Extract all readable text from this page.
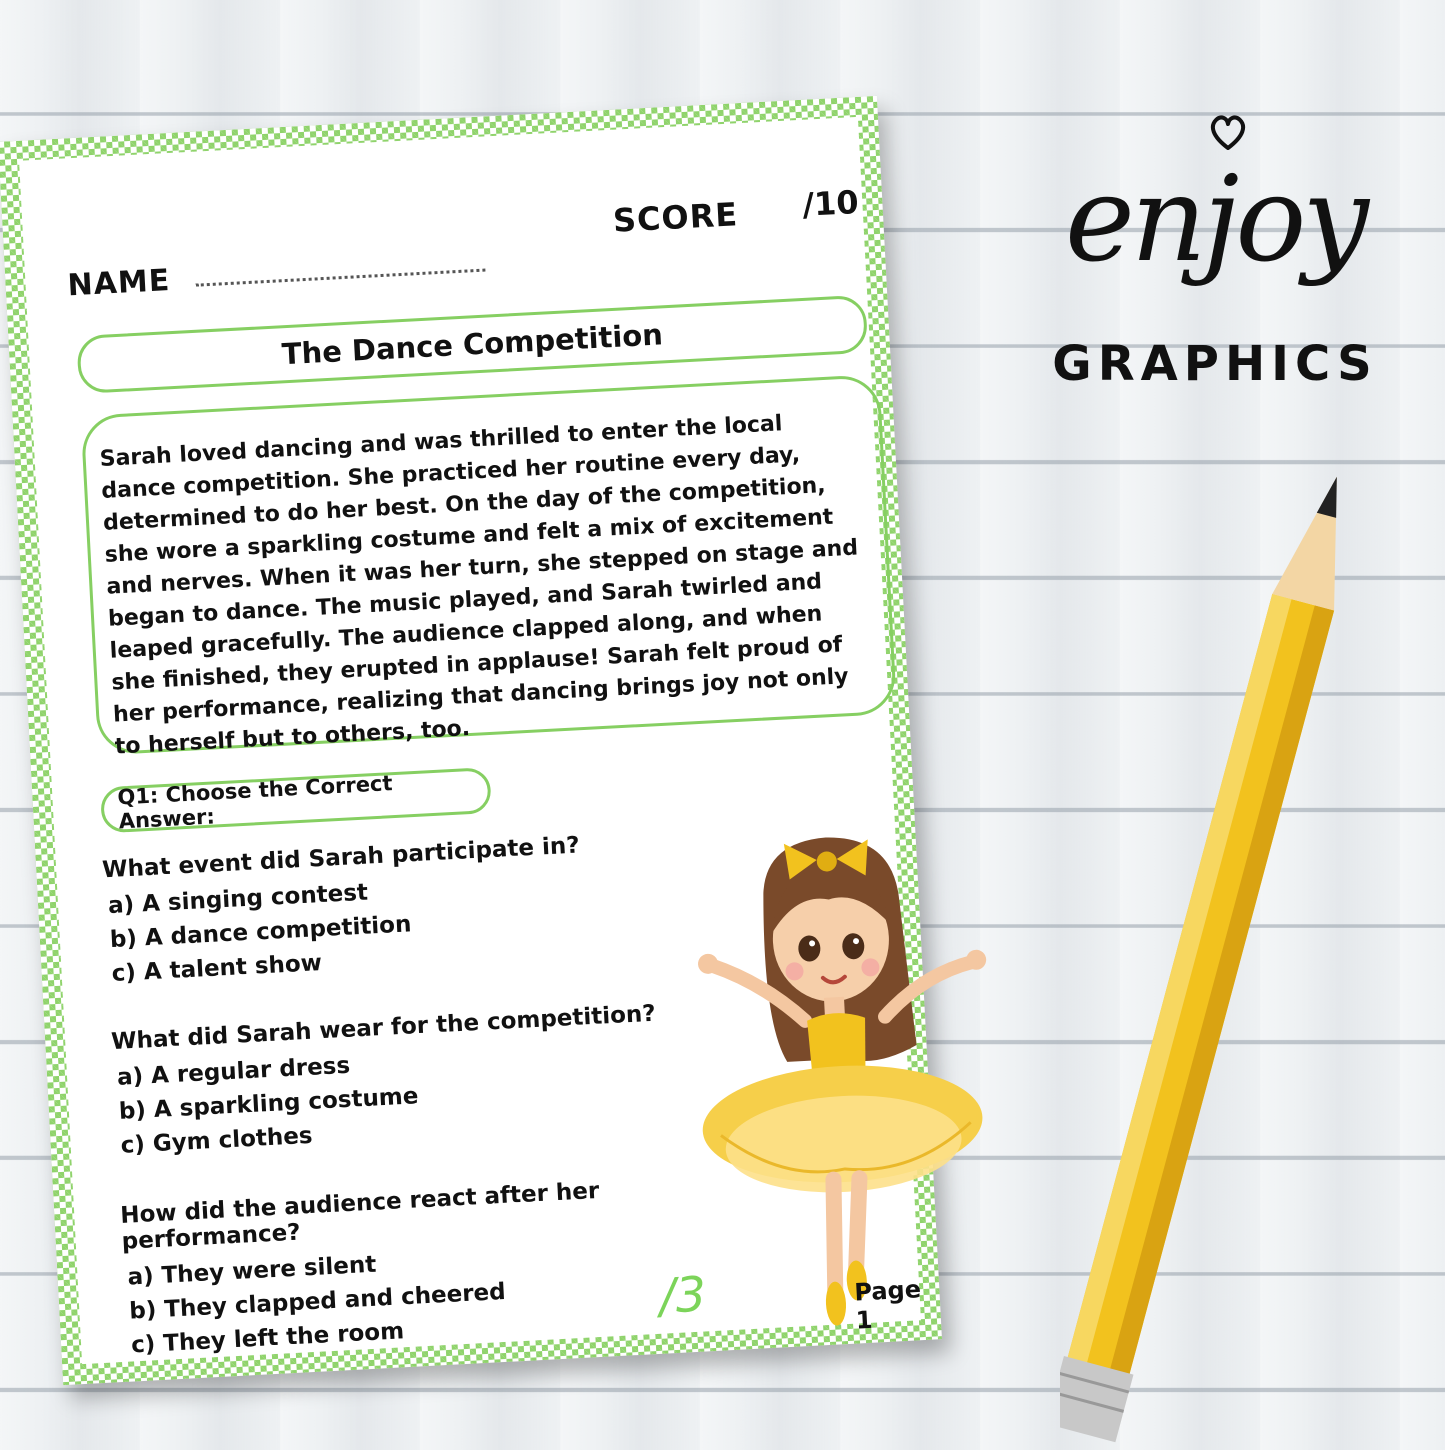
NAME
SCORE /10
The Dance Competition

Sarah loved dancing and was thrilled to enter the local dance competition. She practiced her routine every day, determined to do her best. On the day of the competition, she wore a sparkling costume and felt a mix of excitement and nerves. When it was her turn, she stepped on stage and began to dance. The music played, and Sarah twirled and leaped gracefully. The audience clapped along, and when she finished, they erupted in applause! Sarah felt proud of her performance, realizing that dancing brings joy not only to herself but to others, too.

Q1: Choose the Correct Answer:
What event did Sarah participate in?
a) A singing contest
b) A dance competition
c) A talent show
What did Sarah wear for the competition?
a) A regular dress
b) A sparkling costume
c) Gym clothes
How did the audience react after her performance?
a) They were silent
b) They clapped and cheered
c) They left the room
/3	Page 1
enjoy
GRAPHICS
